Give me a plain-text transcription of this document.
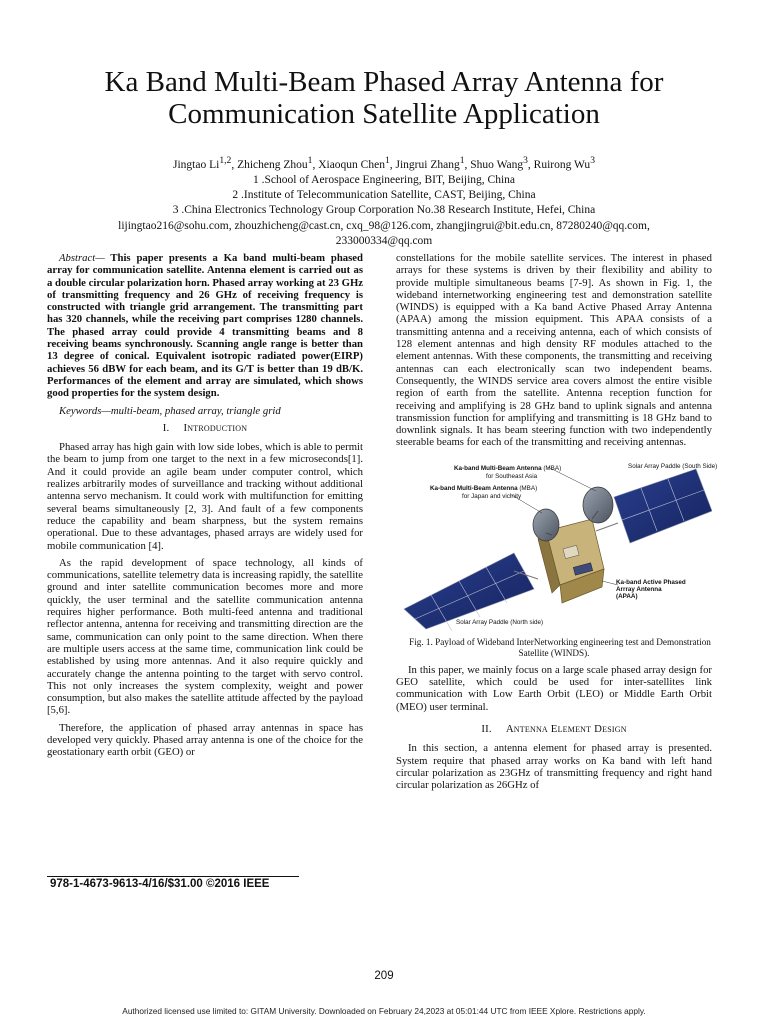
Ka Band Multi-Beam Phased Array Antenna for Communication Satellite Application
Jingtao Li$^{1,2}$, Zhicheng Zhou$^1$, Xiaoqun Chen$^1$, Jingrui Zhang$^1$, Shuo Wang$^3$, Ruirong Wu$^3$
1 .School of Aerospace Engineering, BIT, Beijing, China
2 .Institute of Telecommunication Satellite, CAST, Beijing, China
3 .China Electronics Technology Group Corporation No.38 Research Institute, Hefei, China
lijingtao216@sohu.com, zhouzhicheng@cast.cn, cxq_98@126.com, zhangjingrui@bit.edu.cn, 87280240@qq.com,
233000334@qq.com

Abstract— This paper presents a Ka band multi-beam phased array for communication satellite. Antenna element is carried out as a double circular polarization horn. Phased array working at 23 GHz of transmitting frequency and 26 GHz of receiving frequency is constructed with triangle grid arrangement. The transmitting part has 320 channels, while the receiving part comprises 1280 channels. The phased array could provide 4 transmitting beams and 8 receiving beams synchronously. Scanning angle range is better than 13 degree of conical. Equivalent isotropic radiated power(EIRP) achieves 56 dBW for each beam, and its G/T is better than 19 dB/K. Performances of the element and array are simulated, which shows good properties for the system design.

Keywords—multi-beam, phased array, triangle grid

I. Introduction

Phased array has high gain with low side lobes, which is able to permit the beam to jump from one target to the next in a few microseconds[1]. And it could provide an agile beam under computer control, which realizes arbitrarily modes of surveillance and tracking without additional antenna servo mechanism. It could work with multifunction for emitting several beams simultaneously [2, 3]. And fault of a few components reduce the capability and beam sharpness, but the system remains operational. Due to these advantages, phased arrays are widely used for mobile communication [4].

As the rapid development of space technology, all kinds of communications, satellite telemetry data is increasing rapidly, the satellite ground and inter satellite communication becomes more and more quickly, the user terminal and the satellite communication antenna requires higher performance. Both multi-feed antenna and traditional reflector antenna, antenna for receiving and transmitting direction are the same, communication can only point to the same direction. When there are multiple users access at the same time, communication link could be established by using more antennas. And it also require quickly and accurately change the antenna pointing to the target with servo control. This not only increases the system complexity, weight and power consumption, but also makes the satellite attitude affected by the payload [5,6].

Therefore, the application of phased array antennas in space has developed very quickly. Phased array antenna is one of the choice for the geostationary earth orbit (GEO) or

constellations for the mobile satellite services. The interest in phased arrays for these systems is driven by their flexibility and ability to provide multiple simultaneous beams [7-9]. As shown in Fig. 1, the wideband internetworking engineering test and demonstration satellite (WINDS) is equipped with a Ka band Active Phased Array Antenna (APAA) among the mission equipment. This APAA consists of a transmitting antenna and a receiving antenna, each of which consists of 128 element antennas and high density RF modules attached to the element antennas. With these components, the transmitting and receiving antennas can each electronically scan two independent beams. Consequently, the WINDS service area covers almost the entire visible region of earth from the satellite. Antenna reception function for receiving and amplifying is 28 GHz band to uplink signals and antenna transmission function for amplifying and transmitting is 18 GHz band to downlink signals. It has beam steering function with two independently steerable beams for each of the transmitting and receiving antennas.

Ka-band Multi-Beam Antenna (MBA)
for Southeast Asia
Solar Array Paddle (South Side)
Ka-band Multi-Beam Antenna (MBA)
for Japan and vicinity
Ka-band Active Phased
Arrray Antenna
(APAA)
Solar Array Paddle (North side)

Fig. 1. Payload of Wideband InterNetworking engineering test and Demonstration Satellite (WINDS).

In this paper, we mainly focus on a large scale phased array design for GEO satellite, which could be used for inter-satellites link communication with Low Earth Orbit (LEO) or Middle Earth Orbit (MEO) user terminal.

II. Antenna Element Design

In this section, a antenna element for phased array is presented. System require that phased array works on Ka band with left hand circular polarization as 23GHz of transmitting frequency and right hand circular polarization as 26GHz of

978-1-4673-9613-4/16/$31.00 ©2016 IEEE
209
Authorized licensed use limited to: GITAM University. Downloaded on February 24,2023 at 05:01:44 UTC from IEEE Xplore. Restrictions apply.
